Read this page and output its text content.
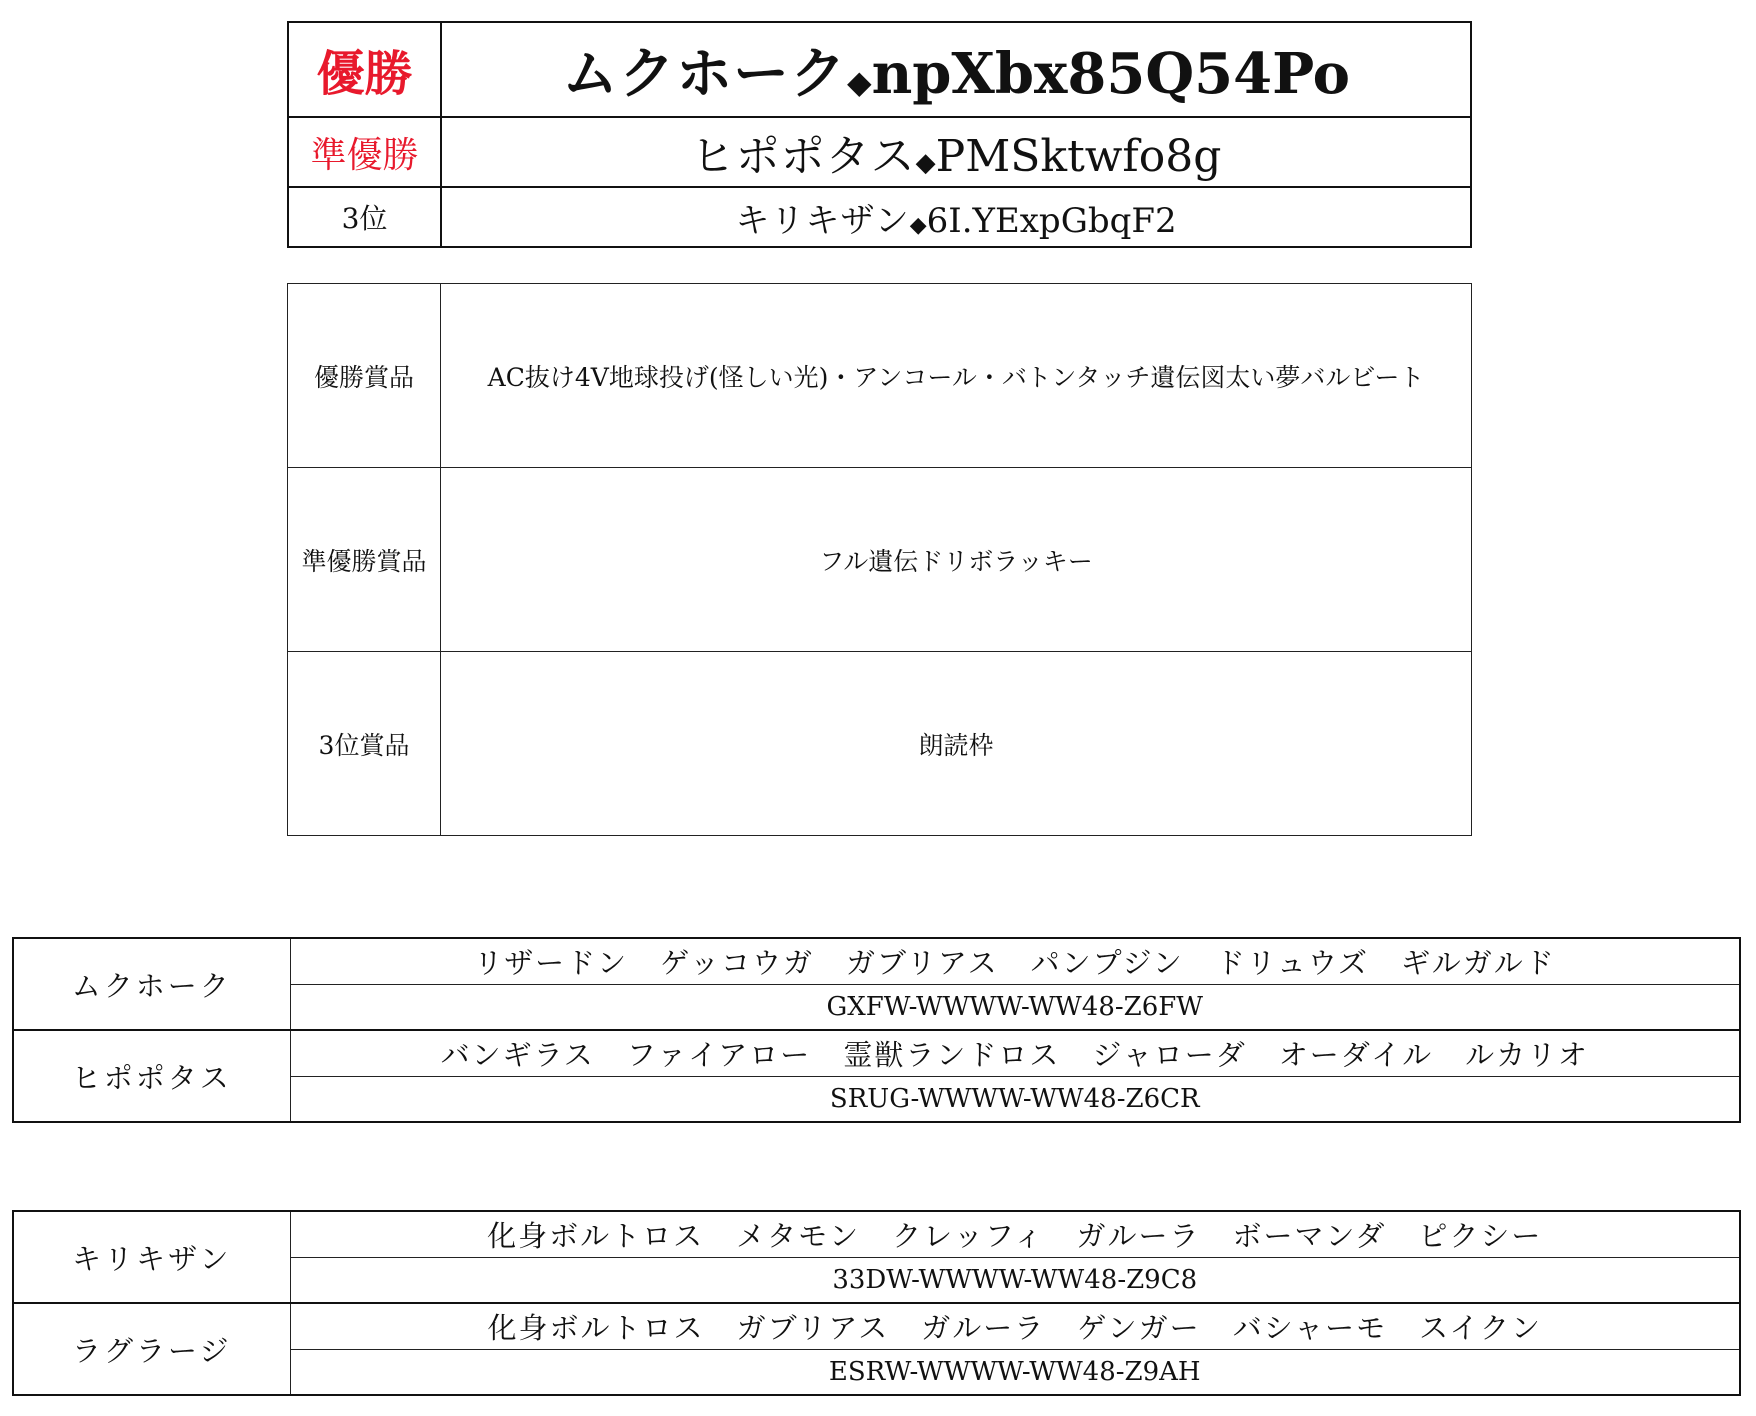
優勝	ムクホーク◆npXbx85Q54Po
準優勝	ヒポポタス◆PMSktwfo8g
3位	キリキザン◆6I.YExpGbqF2
優勝賞品	AC抜け4V地球投げ(怪しい光)・アンコール・バトンタッチ遺伝図太い夢バルビート
準優勝賞品	フル遺伝ドリボラッキー
3位賞品	朗読枠
ムクホーク	リザードン ゲッコウガ ガブリアス パンプジン ドリュウズ ギルガルド
	GXFW-WWWW-WW48-Z6FW
ヒポポタス	バンギラス ファイアロー 霊獣ランドロス ジャローダ オーダイル ルカリオ
	SRUG-WWWW-WW48-Z6CR
キリキザン	化身ボルトロス メタモン クレッフィ ガルーラ ボーマンダ ピクシー
	33DW-WWWW-WW48-Z9C8
ラグラージ	化身ボルトロス ガブリアス ガルーラ ゲンガー バシャーモ スイクン
	ESRW-WWWW-WW48-Z9AH
